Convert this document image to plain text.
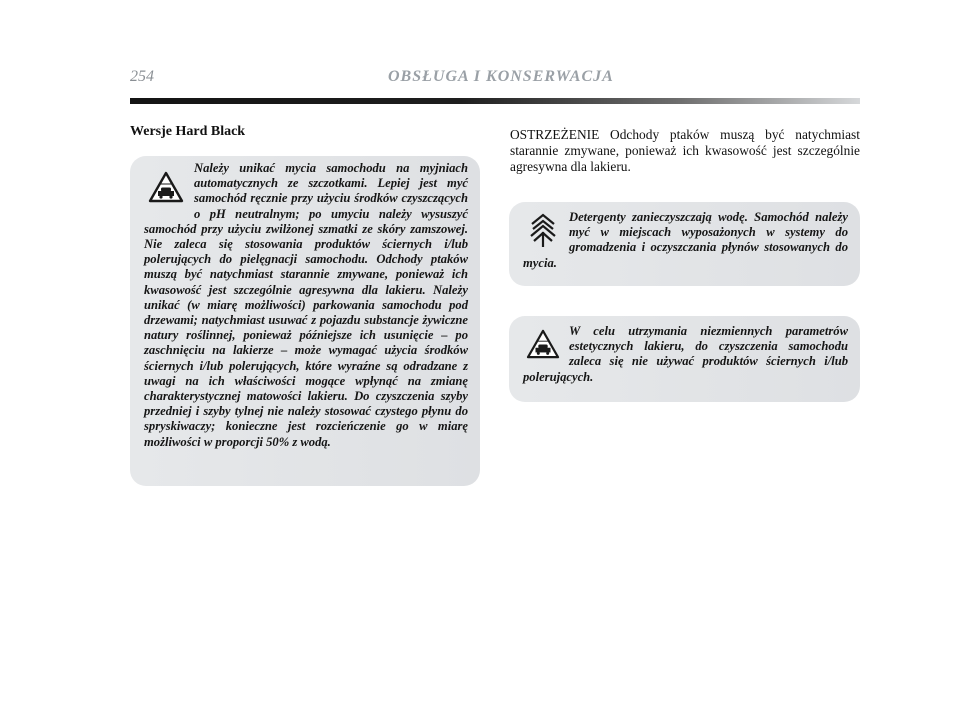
254	OBSŁUGA I KONSERWACJA
Wersje Hard Black
Należy unikać mycia samochodu na myjniach automatycznych ze szczotkami. Lepiej jest myć samochód ręcznie przy użyciu środków czyszczących o pH neutralnym; po umyciu należy wysuszyć samochód przy użyciu zwilżonej szmatki ze skóry zamszowej. Nie zaleca się stosowania produktów ściernych i/lub polerujących do pielęgnacji samochodu. Odchody ptaków muszą być natychmiast starannie zmywane, ponieważ ich kwasowość jest szczególnie agresywna dla lakieru. Należy unikać (w miarę możliwości) parkowania samochodu pod drzewami; natychmiast usuwać z pojazdu substancje żywiczne natury roślinnej, ponieważ późniejsze ich usunięcie – po zaschnięciu na lakierze – może wymagać użycia środków ściernych i/lub polerujących, które wyraźne są odradzane z uwagi na ich właściwości mogące wpłynąć na zmianę charakterystycznej matowości lakieru. Do czyszczenia szyby przedniej i szyby tylnej nie należy stosować czystego płynu do spryskiwaczy; konieczne jest rozcieńczenie go w miarę możliwości w proporcji 50% z wodą.
OSTRZEŻENIE Odchody ptaków muszą być natychmiast starannie zmywane, ponieważ ich kwasowość jest szczególnie agresywna dla lakieru.
Detergenty zanieczyszczają wodę. Samochód należy myć w miejscach wyposażonych w systemy do gromadzenia i oczyszczania płynów stosowanych do mycia.
W celu utrzymania niezmiennych parametrów estetycznych lakieru, do czyszczenia samochodu zaleca się nie używać produktów ściernych i/lub polerujących.
